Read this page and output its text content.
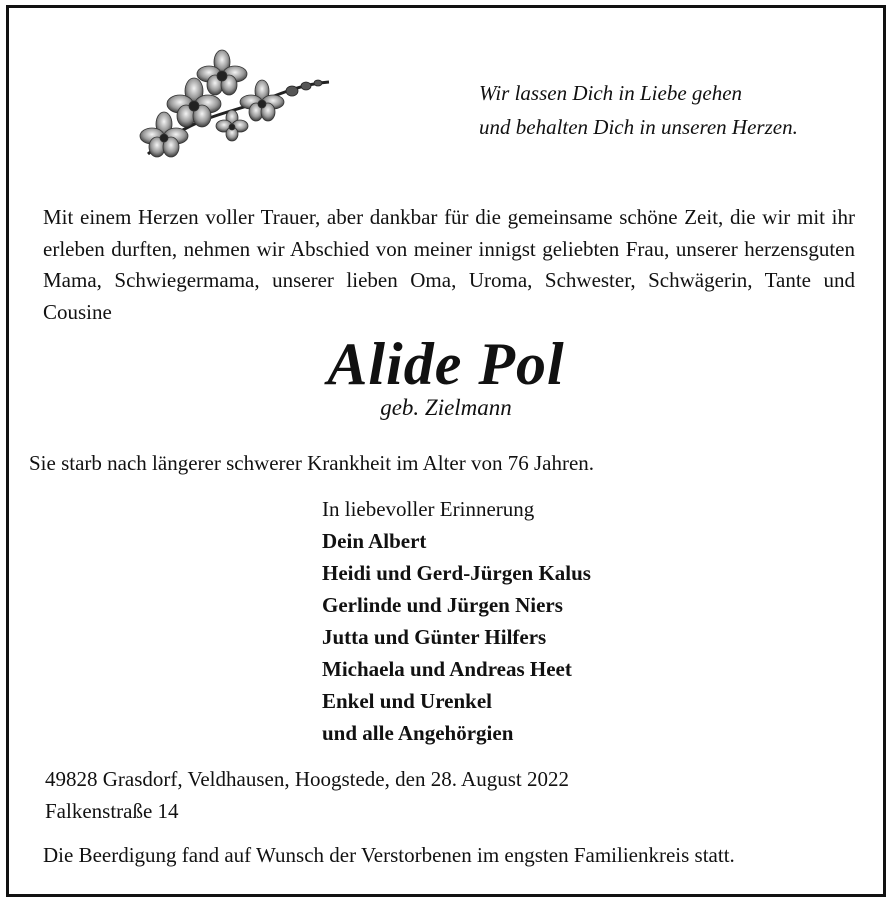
Wir lassen Dich in Liebe gehen
und behalten Dich in unseren Herzen.
Mit einem Herzen voller Trauer, aber dankbar für die gemeinsame schöne Zeit, die wir mit ihr erleben durften, nehmen wir Abschied von meiner innigst geliebten Frau, unserer herzensguten Mama, Schwiegermama, unserer lieben Oma, Uroma, Schwester, Schwägerin, Tante und Cousine
Alide Pol
geb. Zielmann
Sie starb nach längerer schwerer Krankheit im Alter von 76 Jahren.
In liebevoller Erinnerung
Dein Albert
Heidi und Gerd-Jürgen Kalus
Gerlinde und Jürgen Niers
Jutta und Günter Hilfers
Michaela und Andreas Heet
Enkel und Urenkel
und alle Angehörgien
49828 Grasdorf, Veldhausen, Hoogstede, den 28. August 2022
Falkenstraße 14
Die Beerdigung fand auf Wunsch der Verstorbenen im engsten Familienkreis statt.
